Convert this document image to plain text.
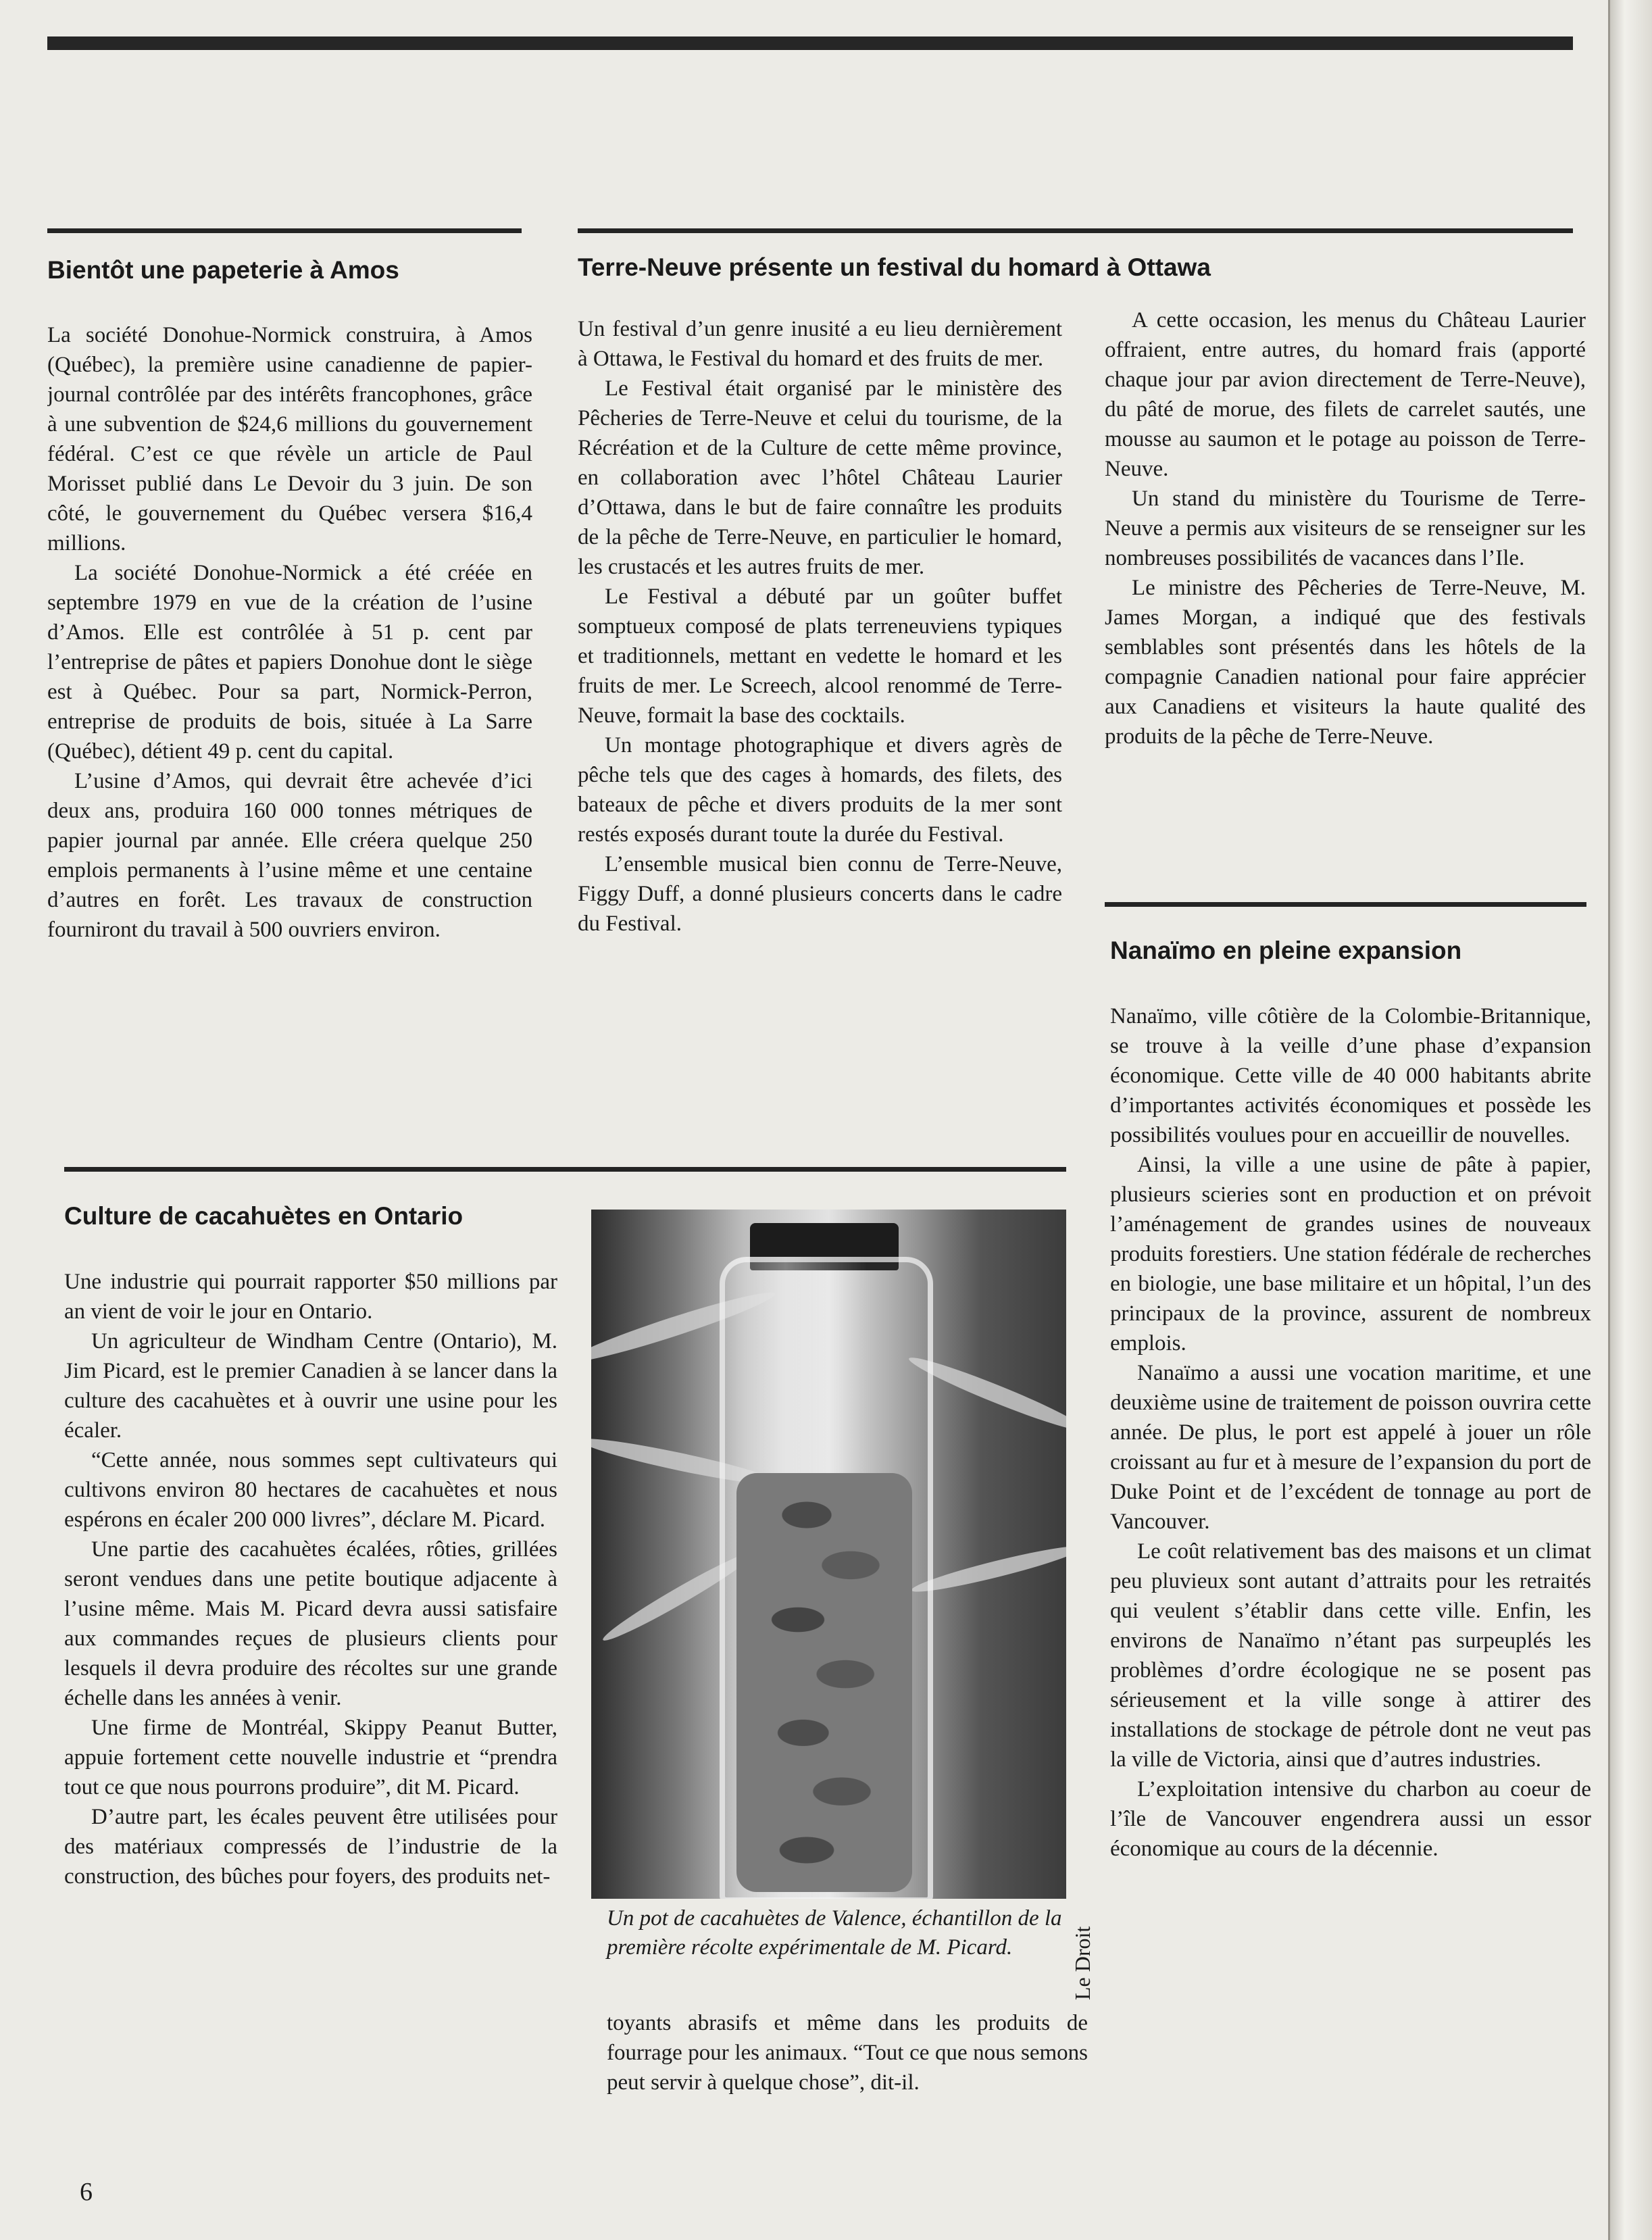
Bientôt une papeterie à Amos

La société Donohue-Normick construira, à Amos (Québec), la première usine canadienne de papier-journal contrôlée par des intérêts francophones, grâce à une subvention de $24,6 millions du gouvernement fédéral. C’est ce que révèle un article de Paul Morisset publié dans Le Devoir du 3 juin. De son côté, le gouvernement du Québec versera $16,4 millions.

La société Donohue-Normick a été créée en septembre 1979 en vue de la création de l’usine d’Amos. Elle est contrôlée à 51 p. cent par l’entreprise de pâtes et papiers Donohue dont le siège est à Québec. Pour sa part, Normick-Perron, entreprise de produits de bois, située à La Sarre (Québec), détient 49 p. cent du capital.

L’usine d’Amos, qui devrait être achevée d’ici deux ans, produira 160 000 tonnes métriques de papier journal par année. Elle créera quelque 250 emplois permanents à l’usine même et une centaine d’autres en forêt. Les travaux de construction fourniront du travail à 500 ouvriers environ.

Terre-Neuve présente un festival du homard à Ottawa

Un festival d’un genre inusité a eu lieu dernièrement à Ottawa, le Festival du homard et des fruits de mer.

Le Festival était organisé par le ministère des Pêcheries de Terre-Neuve et celui du tourisme, de la Récréation et de la Culture de cette même province, en collaboration avec l’hôtel Château Laurier d’Ottawa, dans le but de faire connaître les produits de la pêche de Terre-Neuve, en particulier le homard, les crustacés et les autres fruits de mer.

Le Festival a débuté par un goûter buffet somptueux composé de plats terreneuviens typiques et traditionnels, mettant en vedette le homard et les fruits de mer. Le Screech, alcool renommé de Terre-Neuve, formait la base des cocktails.

Un montage photographique et divers agrès de pêche tels que des cages à homards, des filets, des bateaux de pêche et divers produits de la mer sont restés exposés durant toute la durée du Festival.

L’ensemble musical bien connu de Terre-Neuve, Figgy Duff, a donné plusieurs concerts dans le cadre du Festival.

A cette occasion, les menus du Château Laurier offraient, entre autres, du homard frais (apporté chaque jour par avion directement de Terre-Neuve), du pâté de morue, des filets de carrelet sautés, une mousse au saumon et le potage au poisson de Terre-Neuve.

Un stand du ministère du Tourisme de Terre-Neuve a permis aux visiteurs de se renseigner sur les nombreuses possibilités de vacances dans l’Ile.

Le ministre des Pêcheries de Terre-Neuve, M. James Morgan, a indiqué que des festivals semblables sont présentés dans les hôtels de la compagnie Canadien national pour faire apprécier aux Canadiens et visiteurs la haute qualité des produits de la pêche de Terre-Neuve.

Culture de cacahuètes en Ontario

Une industrie qui pourrait rapporter $50 millions par an vient de voir le jour en Ontario.

Un agriculteur de Windham Centre (Ontario), M. Jim Picard, est le premier Canadien à se lancer dans la culture des cacahuètes et à ouvrir une usine pour les écaler.

“Cette année, nous sommes sept cultivateurs qui cultivons environ 80 hectares de cacahuètes et nous espérons en écaler 200 000 livres”, déclare M. Picard.

Une partie des cacahuètes écalées, rôties, grillées seront vendues dans une petite boutique adjacente à l’usine même. Mais M. Picard devra aussi satisfaire aux commandes reçues de plusieurs clients pour lesquels il devra produire des récoltes sur une grande échelle dans les années à venir.

Une firme de Montréal, Skippy Peanut Butter, appuie fortement cette nouvelle industrie et “prendra tout ce que nous pourrons produire”, dit M. Picard.

D’autre part, les écales peuvent être utilisées pour des matériaux compressés de l’industrie de la construction, des bûches pour foyers, des produits net-

Le Droit

Un pot de cacahuètes de Valence, échantillon de la première récolte expérimentale de M. Picard.

toyants abrasifs et même dans les produits de fourrage pour les animaux. “Tout ce que nous semons peut servir à quelque chose”, dit-il.

Nanaïmo en pleine expansion

Nanaïmo, ville côtière de la Colombie-Britannique, se trouve à la veille d’une phase d’expansion économique. Cette ville de 40 000 habitants abrite d’importantes activités économiques et possède les possibilités voulues pour en accueillir de nouvelles.

Ainsi, la ville a une usine de pâte à papier, plusieurs scieries sont en production et on prévoit l’aménagement de grandes usines de nouveaux produits forestiers. Une station fédérale de recherches en biologie, une base militaire et un hôpital, l’un des principaux de la province, assurent de nombreux emplois.

Nanaïmo a aussi une vocation maritime, et une deuxième usine de traitement de poisson ouvrira cette année. De plus, le port est appelé à jouer un rôle croissant au fur et à mesure de l’expansion du port de Duke Point et de l’excédent de tonnage au port de Vancouver.

Le coût relativement bas des maisons et un climat peu pluvieux sont autant d’attraits pour les retraités qui veulent s’établir dans cette ville. Enfin, les environs de Nanaïmo n’étant pas surpeuplés les problèmes d’ordre écologique ne se posent pas sérieusement et la ville songe à attirer des installations de stockage de pétrole dont ne veut pas la ville de Victoria, ainsi que d’autres industries.

L’exploitation intensive du charbon au coeur de l’île de Vancouver engendrera aussi un essor économique au cours de la décennie.

6
